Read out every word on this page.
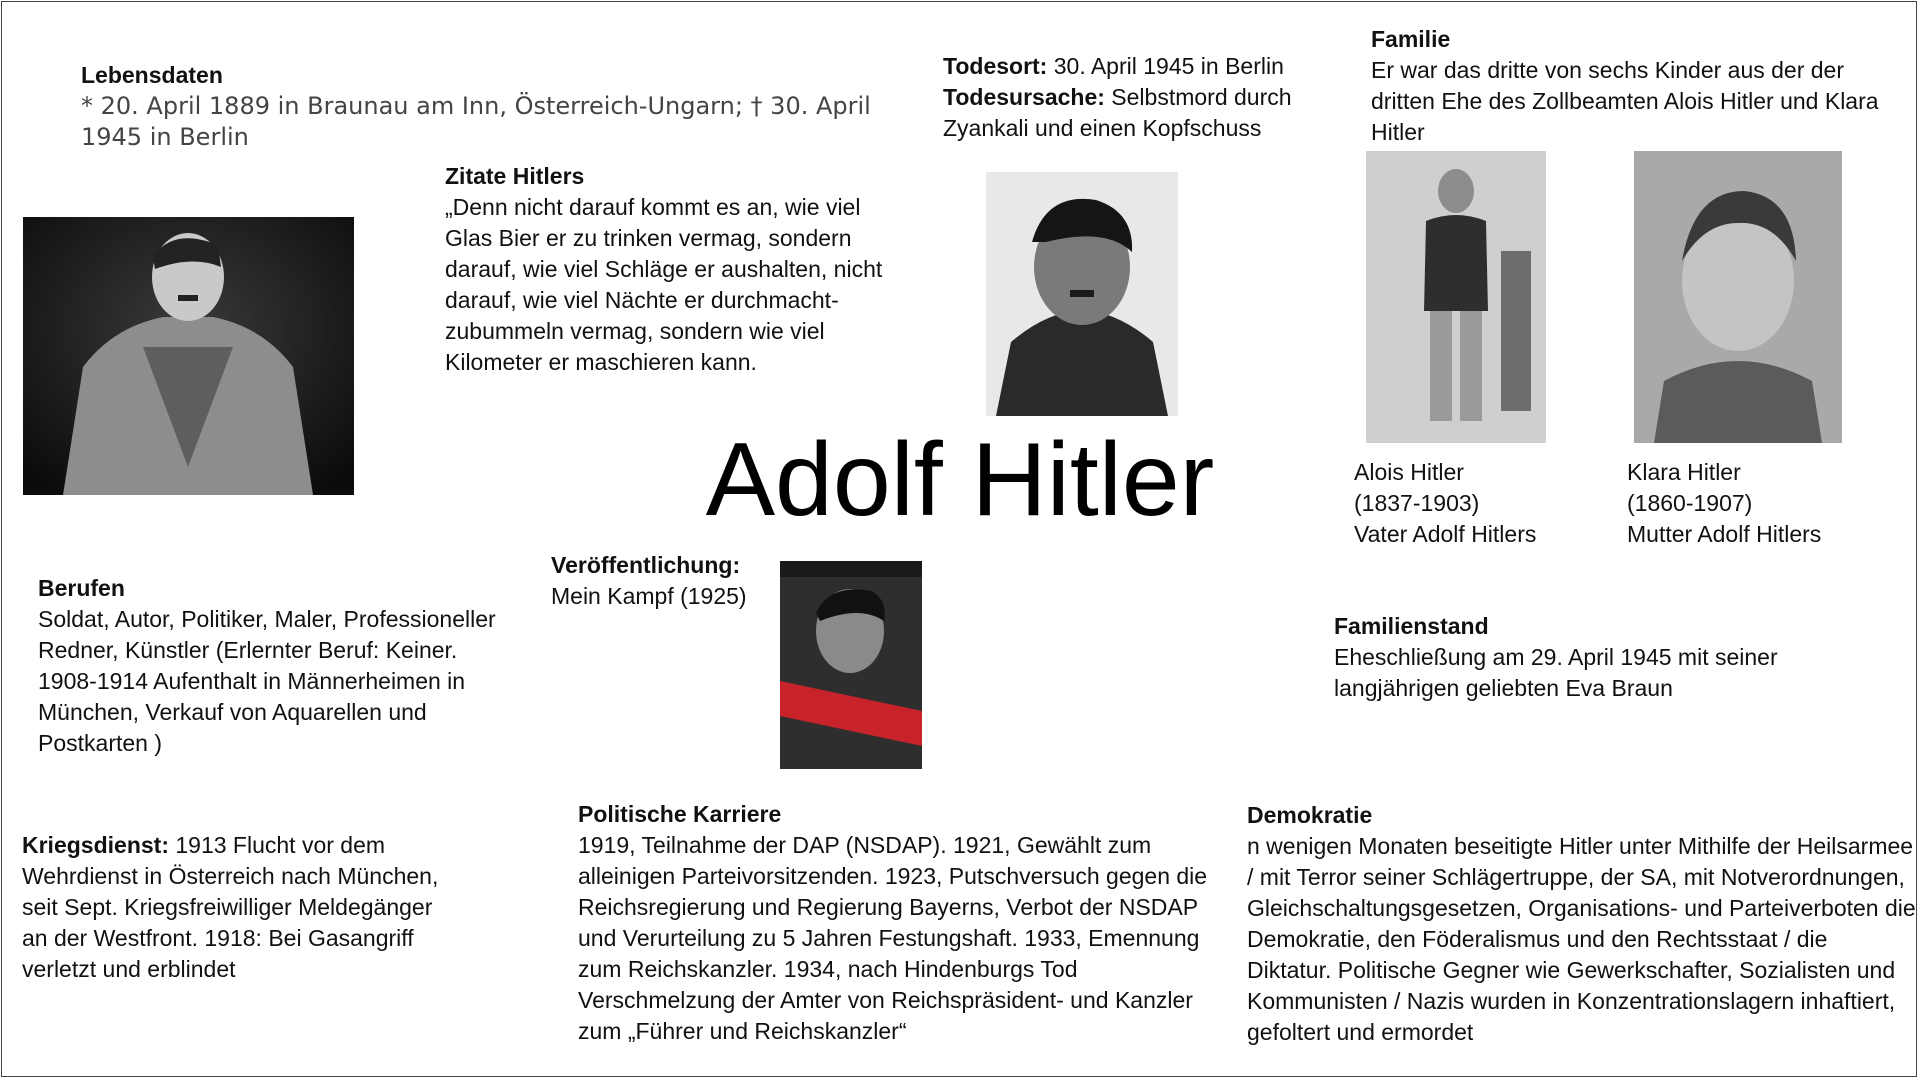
Lebensdaten
* 20. April 1889 in Braunau am Inn, Österreich-Ungarn; † 30. April 1945 in Berlin
Zitate Hitlers
„Denn nicht darauf kommt es an, wie viel Glas Bier er zu trinken vermag, sondern darauf, wie viel Schläge er aushalten, nicht darauf, wie viel Nächte er durchmacht-zubummeln vermag, sondern wie viel Kilometer er maschieren kann.
Todesort: 30. April 1945 in Berlin
Todesursache: Selbstmord durch Zyankali und einen Kopfschuss
Familie
Er war das dritte von sechs Kinder aus der der dritten Ehe des Zollbeamten Alois Hitler und Klara Hitler
Adolf Hitler	Alois Hitler
(1837-1903)
Vater Adolf Hitlers
Klara Hitler
(1860-1907)
Mutter Adolf Hitlers
Berufen
Soldat, Autor, Politiker, Maler, Professioneller Redner, Künstler (Erlernter Beruf: Keiner. 1908-1914 Aufenthalt in Männerheimen in München, Verkauf von Aquarellen und Postkarten )
Veröffentlichung:
Mein Kampf (1925)
Familienstand
Eheschließung am 29. April 1945 mit seiner langjährigen geliebten Eva Braun
Kriegsdienst: 1913 Flucht vor dem Wehrdienst in Österreich nach München, seit Sept. Kriegsfreiwilliger Meldegänger an der Westfront. 1918: Bei Gasangriff verletzt und erblindet
Politische Karriere
1919, Teilnahme der DAP (NSDAP). 1921, Gewählt zum alleinigen Parteivorsitzenden. 1923, Putschversuch gegen die Reichsregierung und Regierung Bayerns, Verbot der NSDAP und Verurteilung zu 5 Jahren Festungshaft. 1933, Emennung zum Reichskanzler. 1934, nach Hindenburgs Tod Verschmelzung der Amter von Reichspräsident- und Kanzler zum „Führer und Reichskanzler“
Demokratie
n wenigen Monaten beseitigte Hitler unter Mithilfe der Heilsarmee / mit Terror seiner Schlägertruppe, der SA, mit Notverordnungen, Gleichschaltungsgesetzen, Organisations- und Parteiverboten die Demokratie, den Föderalismus und den Rechtsstaat / die Diktatur. Politische Gegner wie Gewerkschafter, Sozialisten und Kommunisten / Nazis wurden in Konzentrationslagern inhaftiert, gefoltert und ermordet
